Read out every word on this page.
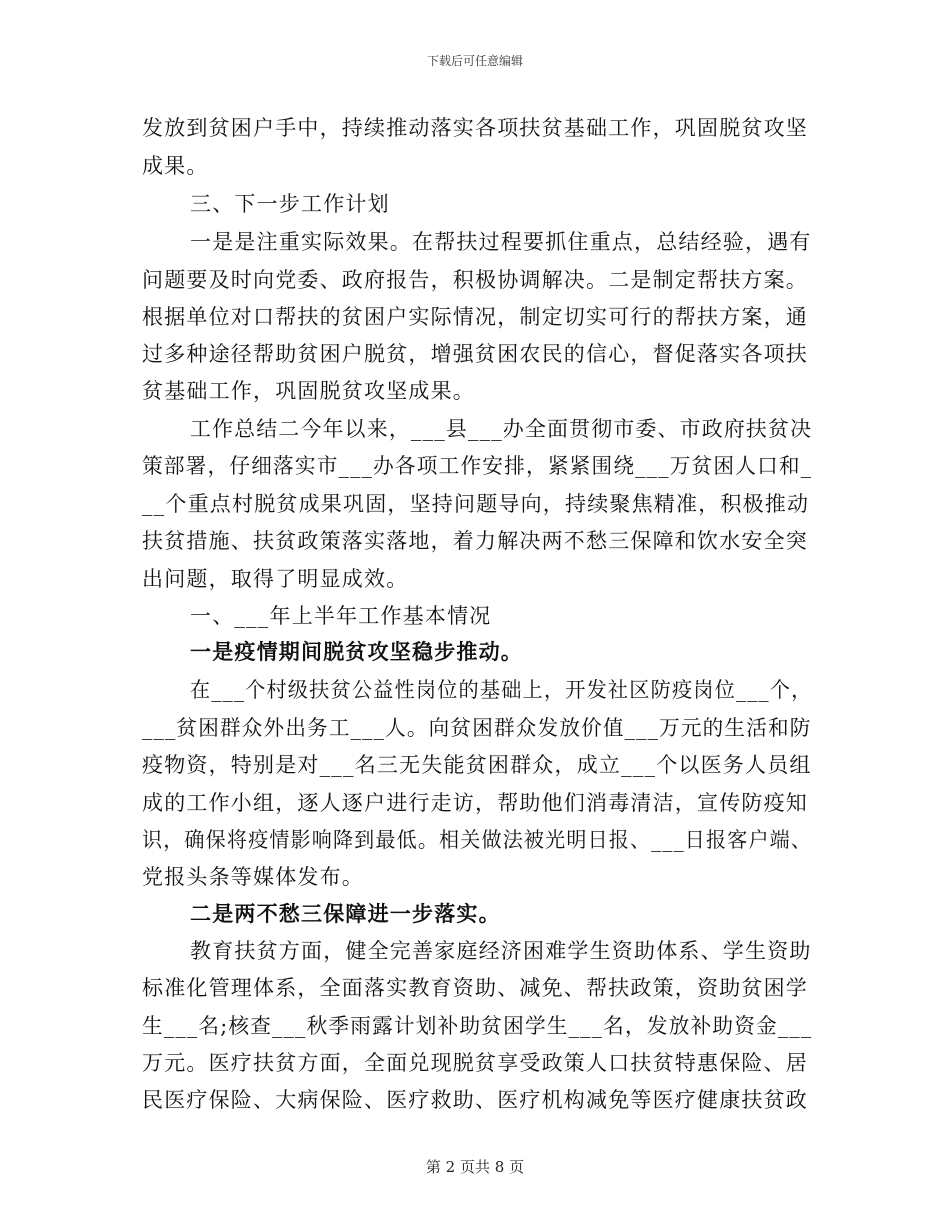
下载后可任意编辑
发放到贫困户手中，持续推动落实各项扶贫基础工作，巩固脱贫攻坚
成果。
三、下一步工作计划
一是是注重实际效果。在帮扶过程要抓住重点，总结经验，遇有
问题要及时向党委、政府报告，积极协调解决。二是制定帮扶方案。
根据单位对口帮扶的贫困户实际情况，制定切实可行的帮扶方案，通
过多种途径帮助贫困户脱贫，增强贫困农民的信心，督促落实各项扶
贫基础工作，巩固脱贫攻坚成果。
工作总结二今年以来，___县___办全面贯彻市委、市政府扶贫决
策部署，仔细落实市___办各项工作安排，紧紧围绕___万贫困人口和_
__个重点村脱贫成果巩固，坚持问题导向，持续聚焦精准，积极推动
扶贫措施、扶贫政策落实落地，着力解决两不愁三保障和饮水安全突
出问题，取得了明显成效。
一、___年上半年工作基本情况
一是疫情期间脱贫攻坚稳步推动。
在___个村级扶贫公益性岗位的基础上，开发社区防疫岗位___个，
___贫困群众外出务工___人。向贫困群众发放价值___万元的生活和防
疫物资，特别是对___名三无失能贫困群众，成立___个以医务人员组
成的工作小组，逐人逐户进行走访，帮助他们消毒清洁，宣传防疫知
识，确保将疫情影响降到最低。相关做法被光明日报、___日报客户端、
党报头条等媒体发布。
二是两不愁三保障进一步落实。
教育扶贫方面，健全完善家庭经济困难学生资助体系、学生资助
标准化管理体系，全面落实教育资助、减免、帮扶政策，资助贫困学
生___名;核查___秋季雨露计划补助贫困学生___名，发放补助资金___
万元。医疗扶贫方面，全面兑现脱贫享受政策人口扶贫特惠保险、居
民医疗保险、大病保险、医疗救助、医疗机构减免等医疗健康扶贫政
第 2 页共 8 页
